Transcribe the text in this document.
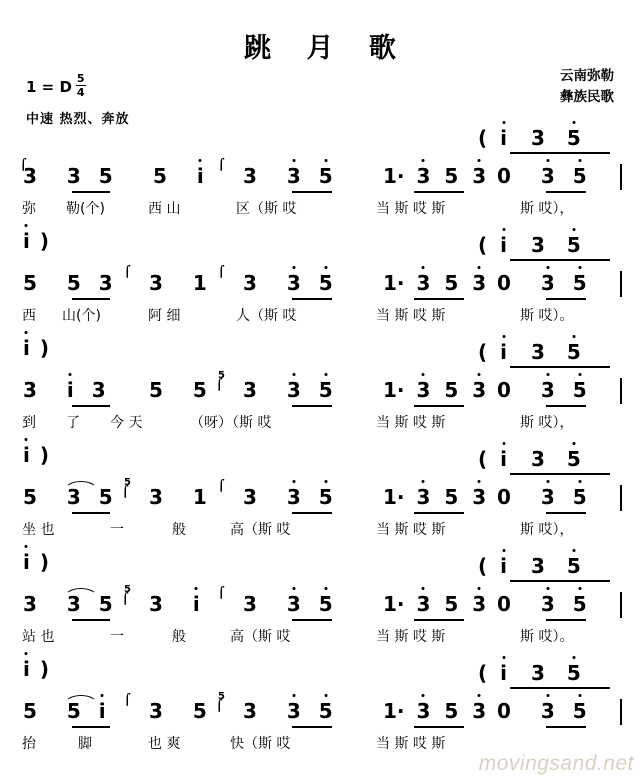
跳 月 歌
1 = D $\frac{5}{4}$
中速 热烈、奔放
云南弥勒
彝族民歌
( i 3 5
⌠
3 3 5 5 i ⌠ 3 3 5	1· 3 5 3 0 3 5
弥 勒(个)	西 山	区（斯 哎	当 斯 哎 斯	斯 哎），
i )	( i 3 5
5 5 3 ⌠ 3 1 ⌠ 3 3 5	1· 3 5 3 0 3 5
西 山(个)	阿 细	人（斯 哎	当 斯 哎 斯	斯 哎）。
i )	( i 3 5
3 i 3 5 5
5
⌠ 3 3 5	1· 3 5 3 0 3 5
到 了 今 天	（呀）（斯 哎	当 斯 哎 斯	斯 哎），
i )	( i 3 5
5 3 5
5
⌠ 3 1 ⌠ 3 3 5	1· 3 5 3 0 3 5
坐 也	一	般	高（斯 哎	当 斯 哎 斯	斯 哎），
i )	( i 3 5
3 3 5
5
⌠ 3 i ⌠ 3 3 5	1· 3 5 3 0 3 5
站 也	一	般	高（斯 哎	当 斯 哎 斯	斯 哎）。
i )	( i 3 5
5 5 i ⌠ 3 5
5
⌠ 3 3 5	1· 3 5 3 0 3 5
抬	脚	也 爽	快（斯 哎	当 斯 哎 斯
movingsand.net
